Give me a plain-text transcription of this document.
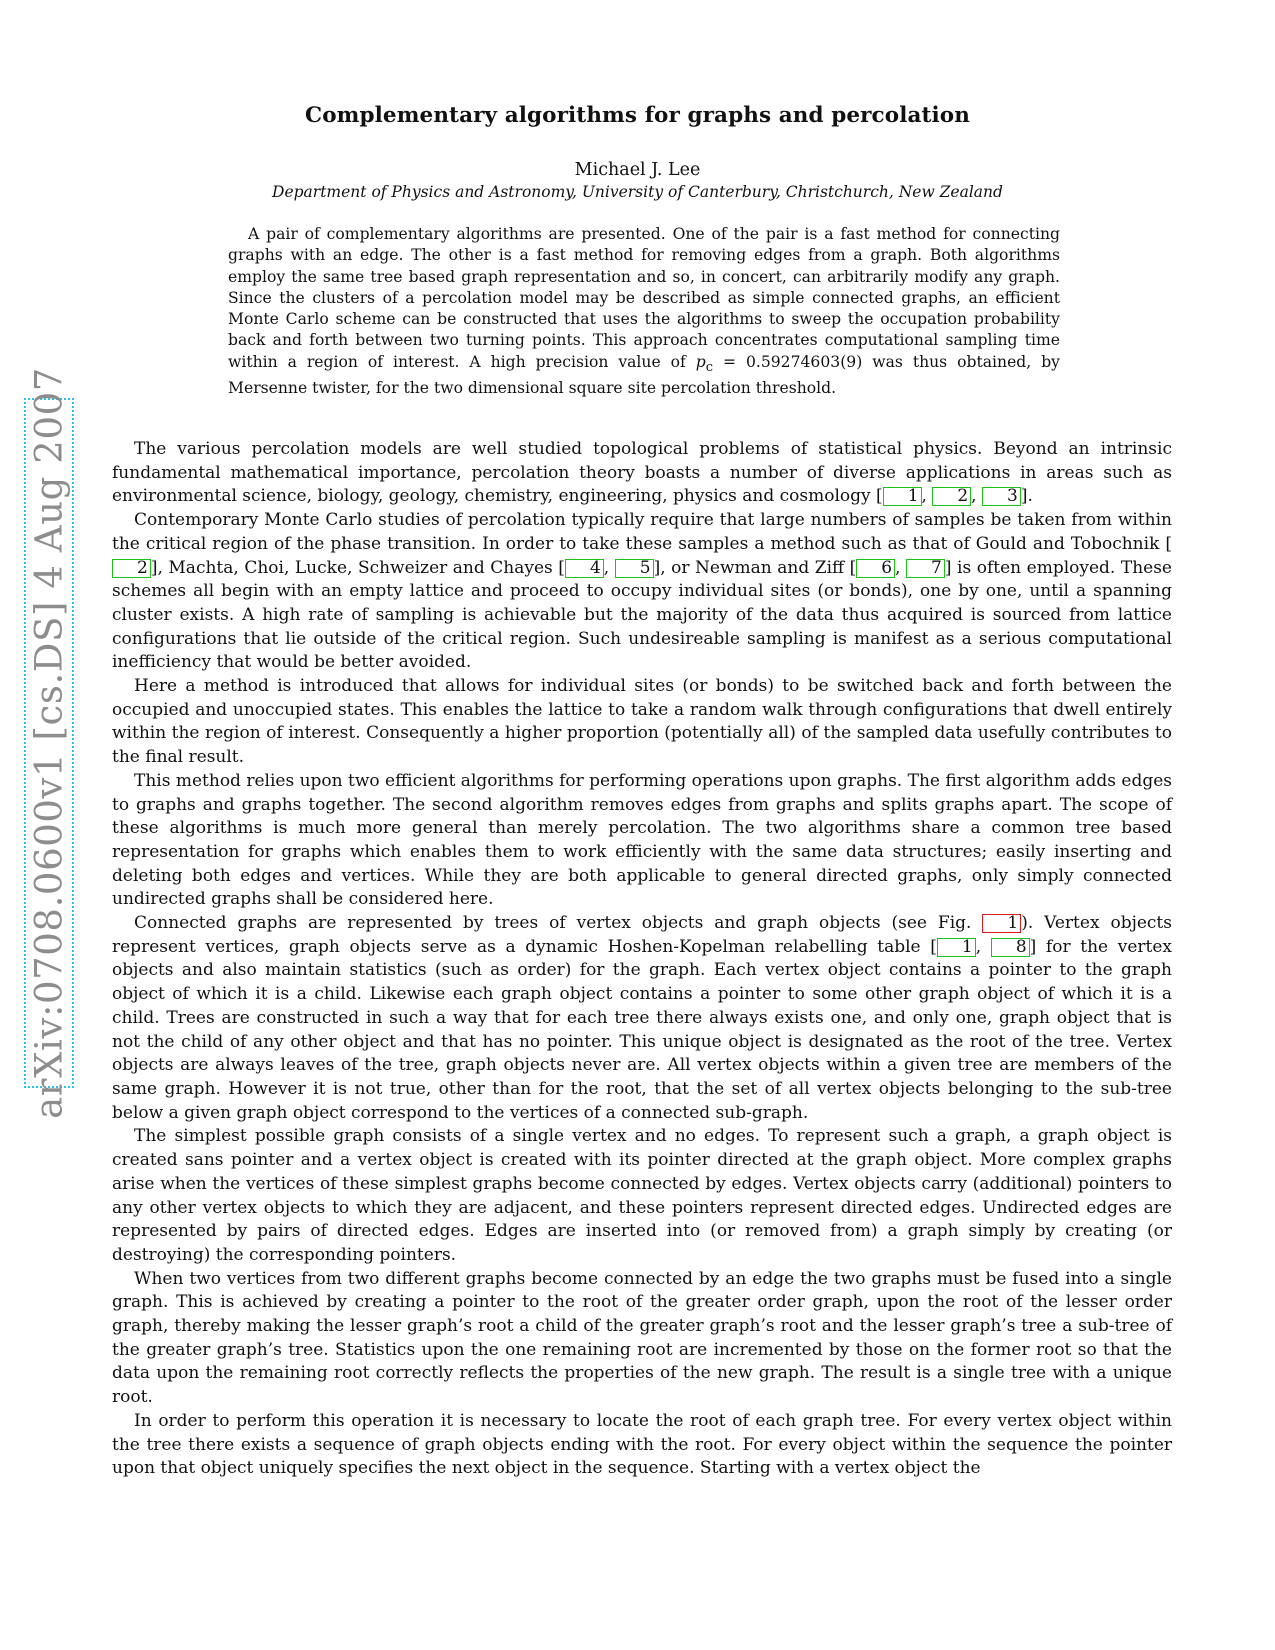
Complementary algorithms for graphs and percolation
Michael J. Lee
Department of Physics and Astronomy, University of Canterbury, Christchurch, New Zealand
A pair of complementary algorithms are presented. One of the pair is a fast method for connecting graphs with an edge. The other is a fast method for removing edges from a graph. Both algorithms employ the same tree based graph representation and so, in concert, can arbitrarily modify any graph. Since the clusters of a percolation model may be described as simple connected graphs, an efficient Monte Carlo scheme can be constructed that uses the algorithms to sweep the occupation probability back and forth between two turning points. This approach concentrates computational sampling time within a region of interest. A high precision value of $p_c = 0.59274603(9)$ was thus obtained, by Mersenne twister, for the two dimensional square site percolation threshold.
arXiv:0708.0600v1 [cs.DS] 4 Aug 2007	The various percolation models are well studied topological problems of statistical physics. Beyond an intrinsic fundamental mathematical importance, percolation theory boasts a number of diverse applications in areas such as environmental science, biology, geology, chemistry, engineering, physics and cosmology [ 1 , 2 , 3 ].

Contemporary Monte Carlo studies of percolation typically require that large numbers of samples be taken from within the critical region of the phase transition. In order to take these samples a method such as that of Gould and Tobochnik [2 ], Machta, Choi, Lucke, Schweizer and Chayes [ 4 , 5 ], or Newman and Ziff [ 6 , 7 ] is often employed. These schemes all begin with an empty lattice and proceed to occupy individual sites (or bonds), one by one, until a spanning cluster exists. A high rate of sampling is achievable but the majority of the data thus acquired is sourced from lattice configurations that lie outside of the critical region. Such undesireable sampling is manifest as a serious computational inefficiency that would be better avoided.

Here a method is introduced that allows for individual sites (or bonds) to be switched back and forth between the occupied and unoccupied states. This enables the lattice to take a random walk through configurations that dwell entirely within the region of interest. Consequently a higher proportion (potentially all) of the sampled data usefully contributes to the final result.

This method relies upon two efficient algorithms for performing operations upon graphs. The first algorithm adds edges to graphs and graphs together. The second algorithm removes edges from graphs and splits graphs apart. The scope of these algorithms is much more general than merely percolation. The two algorithms share a common tree based representation for graphs which enables them to work efficiently with the same data structures; easily inserting and deleting both edges and vertices. While they are both applicable to general directed graphs, only simply connected undirected graphs shall be considered here.

Connected graphs are represented by trees of vertex objects and graph objects (see Fig. 1 ). Vertex objects represent vertices, graph objects serve as a dynamic Hoshen-Kopelman relabelling table [ 1 , 8 ] for the vertex objects and also maintain statistics (such as order) for the graph. Each vertex object contains a pointer to the graph object of which it is a child. Likewise each graph object contains a pointer to some other graph object of which it is a child. Trees are constructed in such a way that for each tree there always exists one, and only one, graph object that is not the child of any other object and that has no pointer. This unique object is designated as the root of the tree. Vertex objects are always leaves of the tree, graph objects never are. All vertex objects within a given tree are members of the same graph. However it is not true, other than for the root, that the set of all vertex objects belonging to the sub-tree below a given graph object correspond to the vertices of a connected sub-graph.

The simplest possible graph consists of a single vertex and no edges. To represent such a graph, a graph object is created sans pointer and a vertex object is created with its pointer directed at the graph object. More complex graphs arise when the vertices of these simplest graphs become connected by edges. Vertex objects carry (additional) pointers to any other vertex objects to which they are adjacent, and these pointers represent directed edges. Undirected edges are represented by pairs of directed edges. Edges are inserted into (or removed from) a graph simply by creating (or destroying) the corresponding pointers.

When two vertices from two different graphs become connected by an edge the two graphs must be fused into a single graph. This is achieved by creating a pointer to the root of the greater order graph, upon the root of the lesser order graph, thereby making the lesser graph’s root a child of the greater graph’s root and the lesser graph’s tree a sub-tree of the greater graph’s tree. Statistics upon the one remaining root are incremented by those on the former root so that the data upon the remaining root correctly reflects the properties of the new graph. The result is a single tree with a unique root.

In order to perform this operation it is necessary to locate the root of each graph tree. For every vertex object within the tree there exists a sequence of graph objects ending with the root. For every object within the sequence the pointer upon that object uniquely specifies the next object in the sequence. Starting with a vertex object the
